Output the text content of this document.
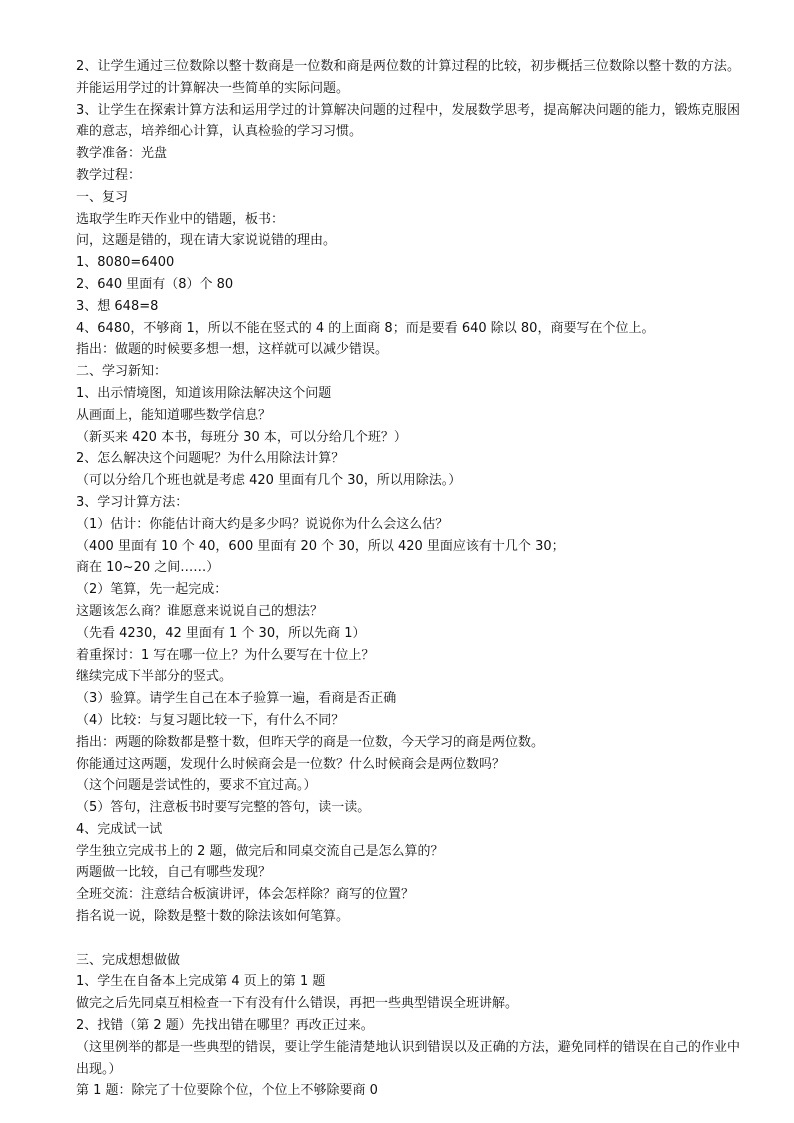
2、让学生通过三位数除以整十数商是一位数和商是两位数的计算过程的比较，初步概括三位数除以整十数的方法。并能运用学过的计算解决一些简单的实际问题。
3、让学生在探索计算方法和运用学过的计算解决问题的过程中，发展数学思考，提高解决问题的能力，锻炼克服困难的意志，培养细心计算，认真检验的学习习惯。
教学准备：光盘
教学过程：
一、复习
选取学生昨天作业中的错题，板书：
问，这题是错的，现在请大家说说错的理由。
1、8080=6400
2、640 里面有（8）个 80
3、想 648=8
4、6480，不够商 1，所以不能在竖式的 4 的上面商 8；而是要看 640 除以 80，商要写在个位上。
指出：做题的时候要多想一想，这样就可以减少错误。
二、学习新知：
1、出示情境图，知道该用除法解决这个问题
从画面上，能知道哪些数学信息？
（新买来 420 本书，每班分 30 本，可以分给几个班？）
2、怎么解决这个问题呢？为什么用除法计算？
（可以分给几个班也就是考虑 420 里面有几个 30，所以用除法。）
3、学习计算方法：
（1）估计：你能估计商大约是多少吗？说说你为什么会这么估？
（400 里面有 10 个 40，600 里面有 20 个 30，所以 420 里面应该有十几个 30；
商在 10~20 之间……）
（2）笔算，先一起完成：
这题该怎么商？谁愿意来说说自己的想法？
（先看 4230，42 里面有 1 个 30，所以先商 1）
着重探讨：1 写在哪一位上？为什么要写在十位上？
继续完成下半部分的竖式。
（3）验算。请学生自己在本子验算一遍，看商是否正确
（4）比较：与复习题比较一下，有什么不同？
指出：两题的除数都是整十数，但昨天学的商是一位数，今天学习的商是两位数。
你能通过这两题，发现什么时候商会是一位数？什么时候商会是两位数吗？
（这个问题是尝试性的，要求不宜过高。）
（5）答句，注意板书时要写完整的答句，读一读。
4、完成试一试
学生独立完成书上的 2 题，做完后和同桌交流自己是怎么算的？
两题做一比较，自己有哪些发现？
全班交流：注意结合板演讲评，体会怎样除？商写的位置？
指名说一说，除数是整十数的除法该如何笔算。
三、完成想想做做
1、学生在自备本上完成第 4 页上的第 1 题
做完之后先同桌互相检查一下有没有什么错误，再把一些典型错误全班讲解。
2、找错（第 2 题）先找出错在哪里？再改正过来。
（这里例举的都是一些典型的错误，要让学生能清楚地认识到错误以及正确的方法，避免同样的错误在自己的作业中出现。）
第 1 题：除完了十位要除个位，个位上不够除要商 0
